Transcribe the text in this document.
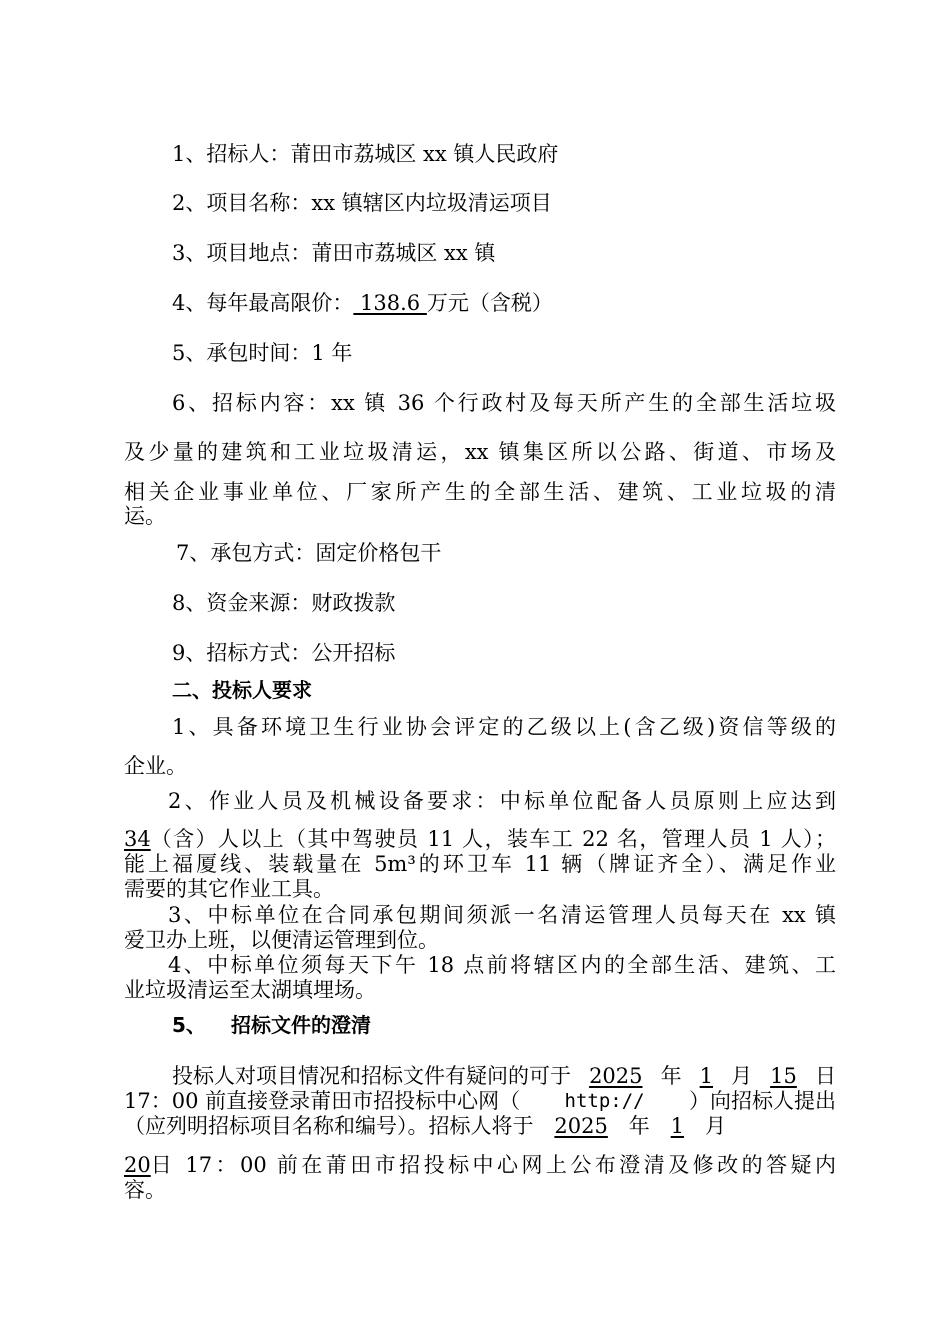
1、招标人：莆田市荔城区 xx 镇人民政府
2、项目名称：xx 镇辖区内垃圾清运项目
3、项目地点：莆田市荔城区 xx 镇
4、每年最高限价： 138.6 万元（含税）
5、承包时间：1 年
6、招标内容：xx 镇 36 个行政村及每天所产生的全部生活垃圾
及少量的建筑和工业垃圾清运，xx 镇集区所以公路、街道、市场及
相关企业事业单位、厂家所产生的全部生活、建筑、工业垃圾的清
运。
7、承包方式：固定价格包干
8、资金来源：财政拨款
9、招标方式：公开招标
二、投标人要求
1、具备环境卫生行业协会评定的乙级以上(含乙级)资信等级的
企业。
2、作业人员及机械设备要求：中标单位配备人员原则上应达到
34 （含）人以上（其中驾驶员 11 人，装车工 22 名，管理人员 1 人）；
能上福厦线、装载量在 5m³的环卫车 11 辆（牌证齐全）、满足作业
需要的其它作业工具。
3、中标单位在合同承包期间须派一名清运管理人员每天在 xx 镇
爱卫办上班，以便清运管理到位。
4、中标单位须每天下午 18 点前将辖区内的全部生活、建筑、工
业垃圾清运至太湖填埋场。
5、 招标文件的澄清
投标人对项目情况和招标文件有疑问的可于 2025 年 1 月 15 日
17：00 前直接登录莆田市招投标中心网（ http:// ）向招标人提出
（应列明招标项目名称和编号）。招标人将于 2025 年 1 月
20 日 17：00 前在莆田市招投标中心网上公布澄清及修改的答疑内
容。
